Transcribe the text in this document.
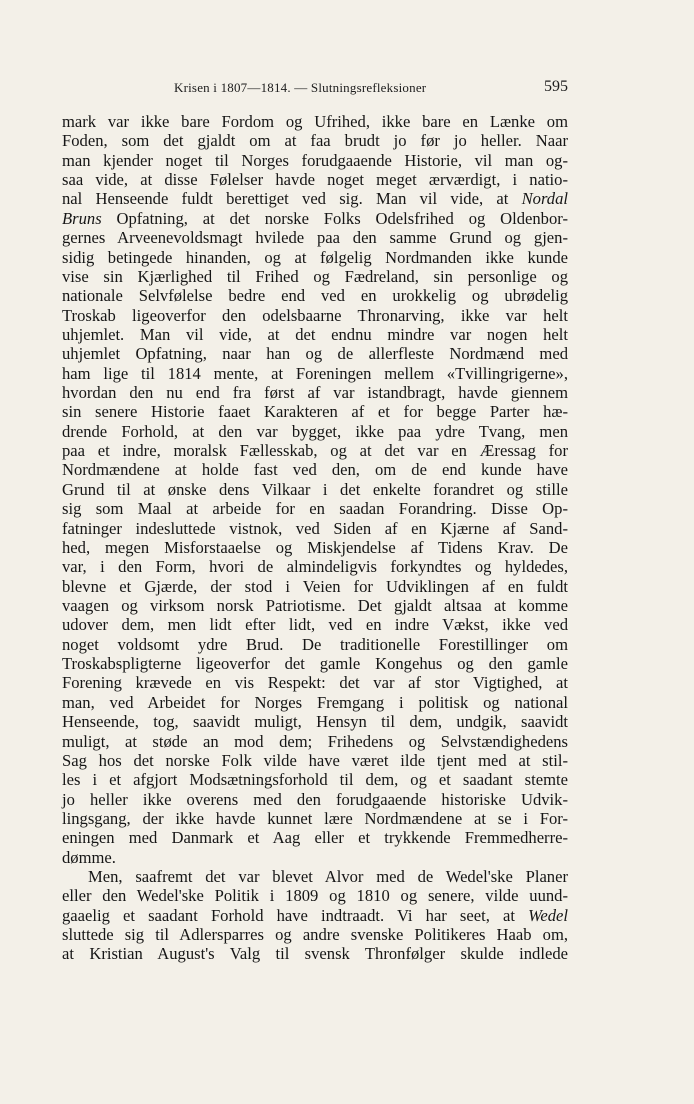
Krisen i 1807—1814. — Slutningsrefleksioner	595
mark var ikke bare Fordom og Ufrihed, ikke bare en Lænke om
Foden, som det gjaldt om at faa brudt jo før jo heller. Naar
man kjender noget til Norges forudgaaende Historie, vil man og-
saa vide, at disse Følelser havde noget meget ærværdigt, i natio-
nal Henseende fuldt berettiget ved sig. Man vil vide, at Nordal
Bruns Opfatning, at det norske Folks Odelsfrihed og Oldenbor-
gernes Arveenevoldsmagt hvilede paa den samme Grund og gjen-
sidig betingede hinanden, og at følgelig Nordmanden ikke kunde
vise sin Kjærlighed til Frihed og Fædreland, sin personlige og
nationale Selvfølelse bedre end ved en urokkelig og ubrødelig
Troskab ligeoverfor den odelsbaarne Thronarving, ikke var helt
uhjemlet. Man vil vide, at det endnu mindre var nogen helt
uhjemlet Opfatning, naar han og de allerfleste Nordmænd med
ham lige til 1814 mente, at Foreningen mellem «Tvillingrigerne»,
hvordan den nu end fra først af var istandbragt, havde giennem
sin senere Historie faaet Karakteren af et for begge Parter hæ-
drende Forhold, at den var bygget, ikke paa ydre Tvang, men
paa et indre, moralsk Fællesskab, og at det var en Æressag for
Nordmændene at holde fast ved den, om de end kunde have
Grund til at ønske dens Vilkaar i det enkelte forandret og stille
sig som Maal at arbeide for en saadan Forandring. Disse Op-
fatninger indesluttede vistnok, ved Siden af en Kjærne af Sand-
hed, megen Misforstaaelse og Miskjendelse af Tidens Krav. De
var, i den Form, hvori de almindeligvis forkyndtes og hyldedes,
blevne et Gjærde, der stod i Veien for Udviklingen af en fuldt
vaagen og virksom norsk Patriotisme. Det gjaldt altsaa at komme
udover dem, men lidt efter lidt, ved en indre Vækst, ikke ved
noget voldsomt ydre Brud. De traditionelle Forestillinger om
Troskabspligterne ligeoverfor det gamle Kongehus og den gamle
Forening krævede en vis Respekt: det var af stor Vigtighed, at
man, ved Arbeidet for Norges Fremgang i politisk og national
Henseende, tog, saavidt muligt, Hensyn til dem, undgik, saavidt
muligt, at støde an mod dem; Frihedens og Selvstændighedens
Sag hos det norske Folk vilde have været ilde tjent med at stil-
les i et afgjort Modsætningsforhold til dem, og et saadant stemte
jo heller ikke overens med den forudgaaende historiske Udvik-
lingsgang, der ikke havde kunnet lære Nordmændene at se i For-
eningen med Danmark et Aag eller et trykkende Fremmedherre-
dømme.
Men, saafremt det var blevet Alvor med de Wedel'ske Planer
eller den Wedel'ske Politik i 1809 og 1810 og senere, vilde uund-
gaaelig et saadant Forhold have indtraadt. Vi har seet, at Wedel
sluttede sig til Adlersparres og andre svenske Politikeres Haab om,
at Kristian August's Valg til svensk Thronfølger skulde indlede
